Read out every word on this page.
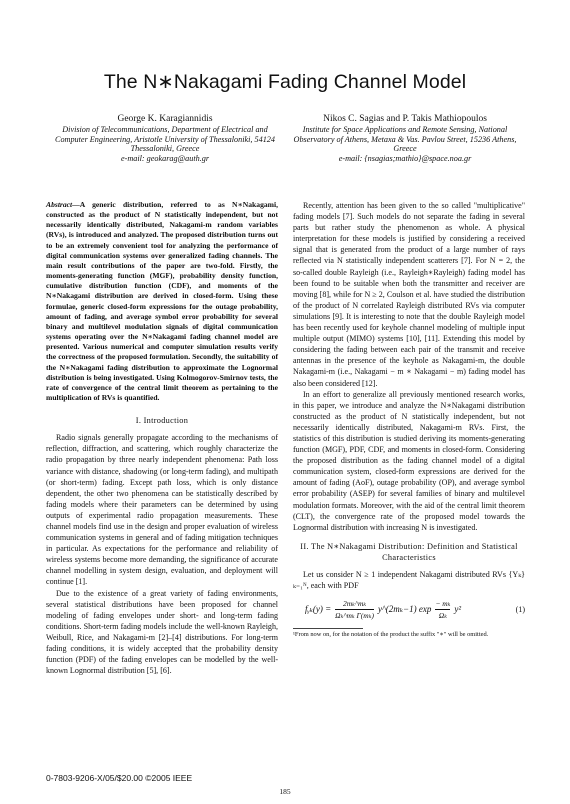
The N∗Nakagami Fading Channel Model
George K. Karagiannidis
Division of Telecommunications, Department of Electrical and Computer Engineering, Aristotle University of Thessaloniki, 54124 Thessaloniki, Greece
e-mail: geokarag@auth.gr
Nikos C. Sagias and P. Takis Mathiopoulos
Institute for Space Applications and Remote Sensing, National Observatory of Athens, Metaxa & Vas. Pavlou Street, 15236 Athens, Greece
e-mail: {nsagias;mathio}@space.noa.gr
Abstract—A generic distribution, referred to as N∗Nakagami, constructed as the product of N statistically independent, but not necessarily identically distributed, Nakagami-m random variables (RVs), is introduced and analyzed. The proposed distribution turns out to be an extremely convenient tool for analyzing the performance of digital communication systems over generalized fading channels. The main result contributions of the paper are two-fold. Firstly, the moments-generating function (MGF), probability density function, cumulative distribution function (CDF), and moments of the N∗Nakagami distribution are derived in closed-form. Using these formulae, generic closed-form expressions for the outage probability, amount of fading, and average symbol error probability for several binary and multilevel modulation signals of digital communication systems operating over the N∗Nakagami fading channel model are presented. Various numerical and computer simulation results verify the correctness of the proposed formulation. Secondly, the suitability of the N∗Nakagami fading distribution to approximate the Lognormal distribution is being investigated. Using Kolmogorov-Smirnov tests, the rate of convergence of the central limit theorem as pertaining to the multiplication of RVs is quantified.
I. Introduction

Radio signals generally propagate according to the mechanisms of reflection, diffraction, and scattering, which roughly characterize the radio propagation by three nearly independent phenomena: Path loss variance with distance, shadowing (or long-term fading), and multipath (or short-term) fading. Except path loss, which is only distance dependent, the other two phenomena can be statistically described by fading models where their parameters can be determined by using outputs of experimental radio propagation measurements. These channel models find use in the design and proper evaluation of wireless communication systems in general and of fading mitigation techniques in particular. As expectations for the performance and reliability of wireless systems become more demanding, the significance of accurate channel modelling in system design, evaluation, and deployment will continue [1].

Due to the existence of a great variety of fading environments, several statistical distributions have been proposed for channel modeling of fading envelopes under short- and long-term fading conditions. Short-term fading models include the well-known Rayleigh, Weibull, Rice, and Nakagami-m [2]–[4] distributions. For long-term fading conditions, it is widely accepted that the probability density function (PDF) of the fading envelopes can be modelled by the well-known Lognormal distribution [5], [6].

Recently, attention has been given to the so called "multiplicative" fading models [7]. Such models do not separate the fading in several parts but rather study the phenomenon as whole. A physical interpretation for these models is justified by considering a received signal that is generated from the product of a large number of rays reflected via N statistically independent scatterers [7]. For N = 2, the so-called double Rayleigh (i.e., Rayleigh∗Rayleigh) fading model has been found to be suitable when both the transmitter and receiver are moving [8], while for N ≥ 2, Coulson et al. have studied the distribution of the product of N correlated Rayleigh distributed RVs via computer simulations [9]. It is interesting to note that the double Rayleigh model has been recently used for keyhole channel modeling of multiple input multiple output (MIMO) systems [10], [11]. Extending this model by considering the fading between each pair of the transmit and receive antennas in the presence of the keyhole as Nakagami-m, the double Nakagami-m (i.e., Nakagami − m ∗ Nakagami − m) fading model has also been considered [12].

In an effort to generalize all previously mentioned research works, in this paper, we introduce and analyze the N∗Nakagami distribution constructed as the product of N statistically independent, but not necessarily identically distributed, Nakagami-m RVs. First, the statistics of this distribution is studied deriving its moments-generating function (MGF), PDF, CDF, and moments in closed-form. Considering the proposed distribution as the fading channel model of a digital communication system, closed-form expressions are derived for the amount of fading (AoF), outage probability (OP), and average symbol error probability (ASEP) for several families of binary and multilevel modulation formats. Moreover, with the aid of the central limit theorem (CLT), the convergence rate of the proposed model towards the Lognormal distribution with increasing N is investigated.

II. The N∗Nakagami Distribution: Definition and Statistical Characteristics

Let us consider N ≥ 1 independent Nakagami distributed RVs {Yₖ}ₖ₌₁ᴺ, each with PDF

fᵧₖ(y) = $\frac{\text{2mₖ\textasciicircum{}mₖ}}{\text{Ωₖ\textasciicircum{}mₖ Γ(mₖ)}}$ y^(2mₖ−1) $\exp \frac{\text{− mₖ}}{\text{Ωₖ}} y^2$	(1)

¹From now on, for the notation of the product the suffix "∗" will be omitted.

0-7803-9206-X/05/$20.00 ©2005 IEEE
185
